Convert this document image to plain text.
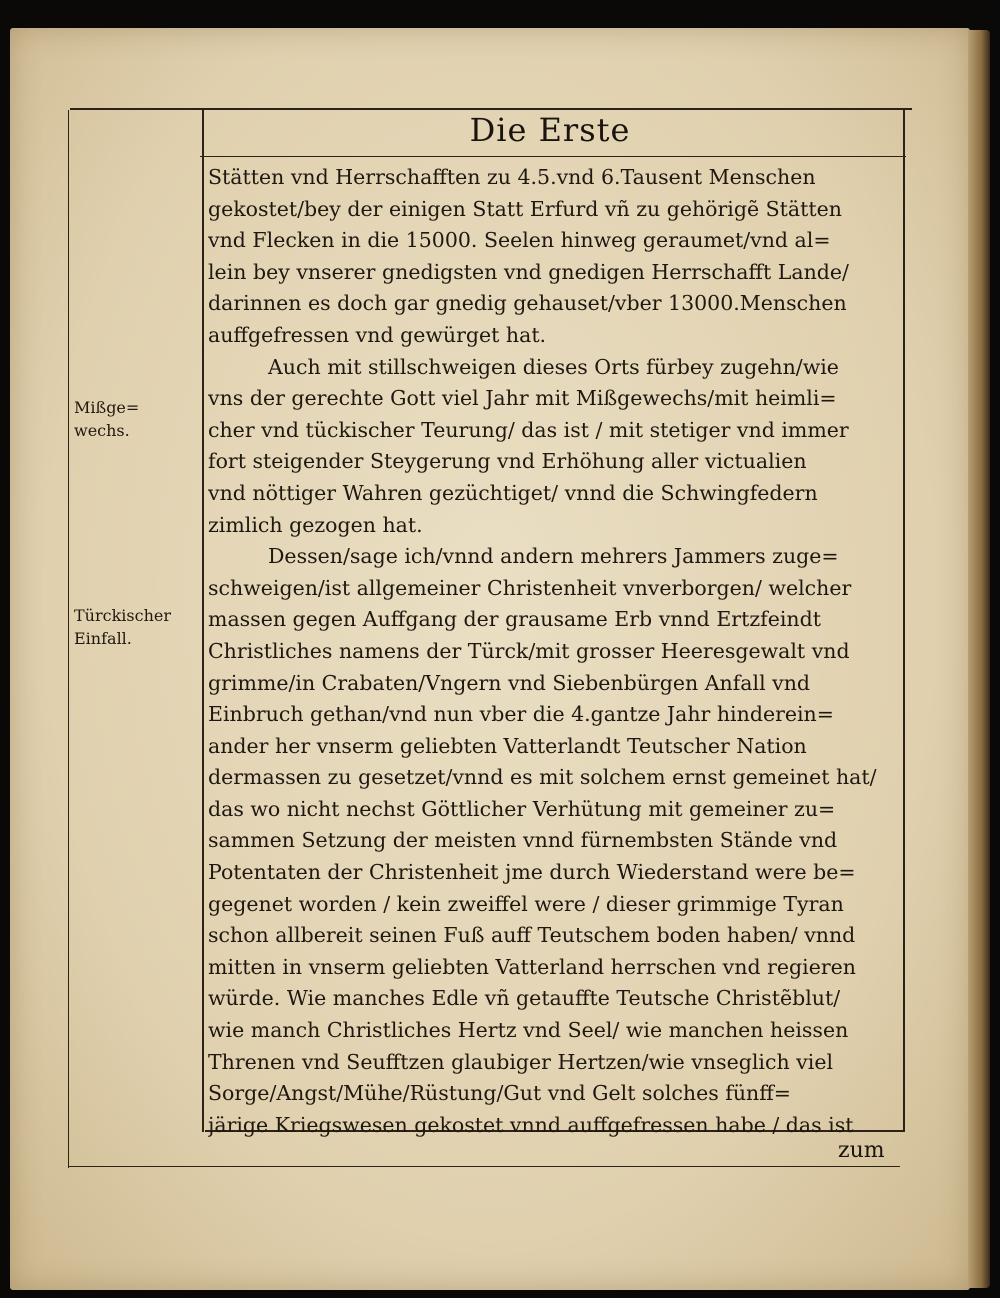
Die Erste
Stätten vnd Herrschafften zu 4.5.vnd 6.Tausent Menschen
gekostet/bey der einigen Statt Erfurd vñ zu gehörigẽ Stätten
vnd Flecken in die 15000. Seelen hinweg geraumet/vnd al=
lein bey vnserer gnedigsten vnd gnedigen Herrschafft Lande/
darinnen es doch gar gnedig gehauset/vber 13000.Menschen
auffgefressen vnd gewürget hat.
Auch mit stillschweigen dieses Orts fürbey zugehn/wie
vns der gerechte Gott viel Jahr mit Mißgewechs/mit heimli=
cher vnd tückischer Teurung/ das ist / mit stetiger vnd immer
fort steigender Steygerung vnd Erhöhung aller victualien
vnd nöttiger Wahren gezüchtiget/ vnnd die Schwingfedern
zimlich gezogen hat.
Dessen/sage ich/vnnd andern mehrers Jammers zuge=
schweigen/ist allgemeiner Christenheit vnverborgen/ welcher
massen gegen Auffgang der grausame Erb vnnd Ertzfeindt
Christliches namens der Türck/mit grosser Heeresgewalt vnd
grimme/in Crabaten/Vngern vnd Siebenbürgen Anfall vnd
Einbruch gethan/vnd nun vber die 4.gantze Jahr hinderein=
ander her vnserm geliebten Vatterlandt Teutscher Nation
dermassen zu gesetzet/vnnd es mit solchem ernst gemeinet hat/
das wo nicht nechst Göttlicher Verhütung mit gemeiner zu=
sammen Setzung der meisten vnnd fürnembsten Stände vnd
Potentaten der Christenheit jme durch Wiederstand were be=
gegenet worden / kein zweiffel were / dieser grimmige Tyran
schon allbereit seinen Fuß auff Teutschem boden haben/ vnnd
mitten in vnserm geliebten Vatterland herrschen vnd regieren
würde. Wie manches Edle vñ getauffte Teutsche Christẽblut/
wie manch Christliches Hertz vnd Seel/ wie manchen heissen
Threnen vnd Seufftzen glaubiger Hertzen/wie vnseglich viel
Sorge/Angst/Mühe/Rüstung/Gut vnd Gelt solches fünff=
järige Kriegswesen gekostet vnnd auffgefressen habe / das ist
Mißge=
wechs.
Türckischer
Einfall.
zum
